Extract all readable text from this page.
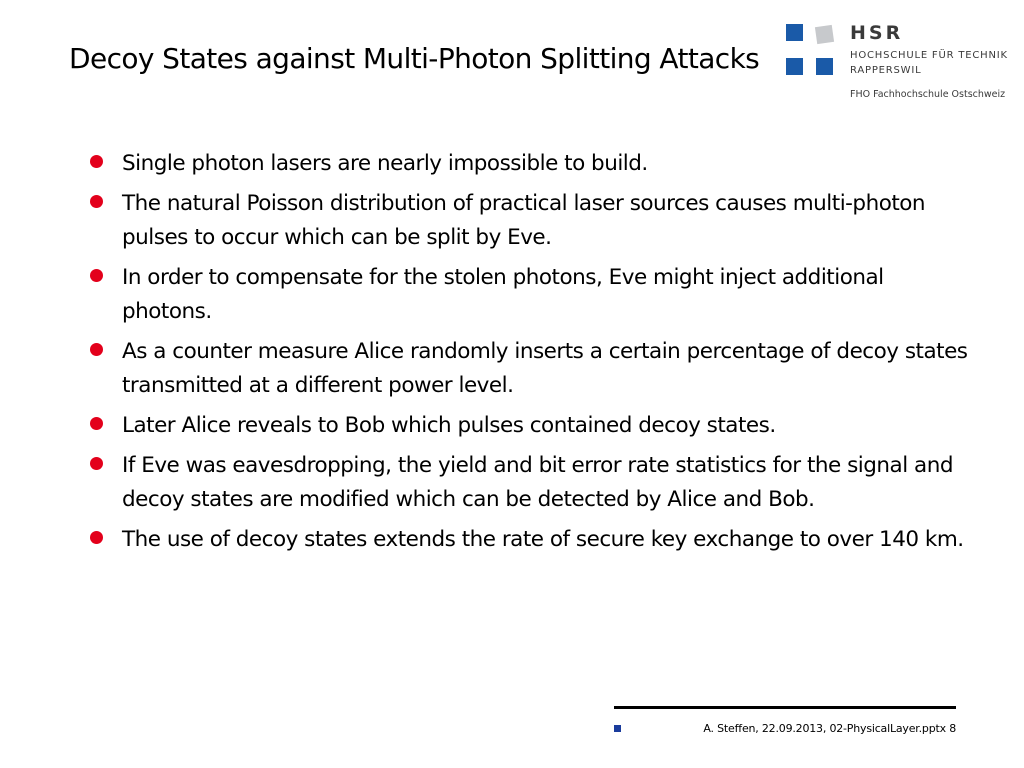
Decoy States against Multi-Photon Splitting Attacks
HSR
HOCHSCHULE FÜR TECHNIK
RAPPERSWIL
FHO Fachhochschule Ostschweiz
Single photon lasers are nearly impossible to build.
The natural Poisson distribution of practical laser sources causes multi-photon pulses to occur which can be split by Eve.
In order to compensate for the stolen photons, Eve might inject additional photons.
As a counter measure Alice randomly inserts a certain percentage of decoy states transmitted at a different power level.
Later Alice reveals to Bob which pulses contained decoy states.
If Eve was eavesdropping, the yield and bit error rate statistics for the signal and decoy states are modified which can be detected by Alice and Bob.
The use of decoy states extends the rate of secure key exchange to over 140 km.
A. Steffen, 22.09.2013, 02-PhysicalLayer.pptx 8
